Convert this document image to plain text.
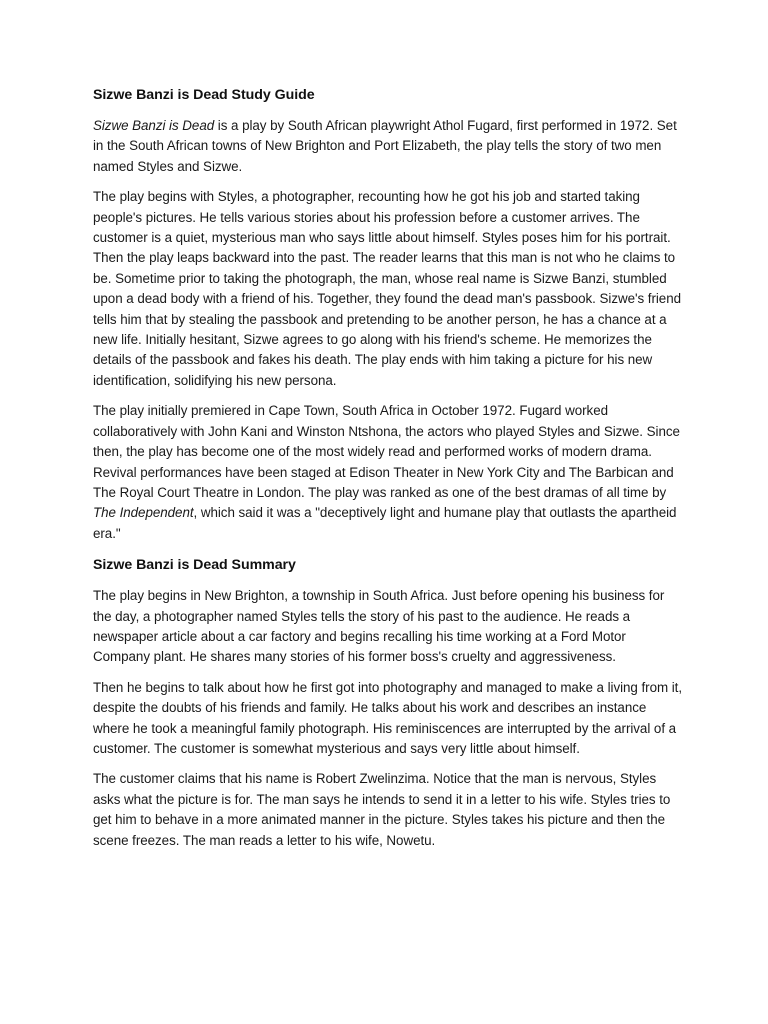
Sizwe Banzi is Dead Study Guide

Sizwe Banzi is Dead is a play by South African playwright Athol Fugard, first performed in 1972. Set in the South African towns of New Brighton and Port Elizabeth, the play tells the story of two men named Styles and Sizwe.

The play begins with Styles, a photographer, recounting how he got his job and started taking people's pictures. He tells various stories about his profession before a customer arrives. The customer is a quiet, mysterious man who says little about himself. Styles poses him for his portrait. Then the play leaps backward into the past. The reader learns that this man is not who he claims to be. Sometime prior to taking the photograph, the man, whose real name is Sizwe Banzi, stumbled upon a dead body with a friend of his. Together, they found the dead man's passbook. Sizwe's friend tells him that by stealing the passbook and pretending to be another person, he has a chance at a new life. Initially hesitant, Sizwe agrees to go along with his friend's scheme. He memorizes the details of the passbook and fakes his death. The play ends with him taking a picture for his new identification, solidifying his new persona.

The play initially premiered in Cape Town, South Africa in October 1972. Fugard worked collaboratively with John Kani and Winston Ntshona, the actors who played Styles and Sizwe. Since then, the play has become one of the most widely read and performed works of modern drama. Revival performances have been staged at Edison Theater in New York City and The Barbican and The Royal Court Theatre in London. The play was ranked as one of the best dramas of all time by The Independent, which said it was a "deceptively light and humane play that outlasts the apartheid era."

Sizwe Banzi is Dead Summary

The play begins in New Brighton, a township in South Africa. Just before opening his business for the day, a photographer named Styles tells the story of his past to the audience. He reads a newspaper article about a car factory and begins recalling his time working at a Ford Motor Company plant. He shares many stories of his former boss's cruelty and aggressiveness.

Then he begins to talk about how he first got into photography and managed to make a living from it, despite the doubts of his friends and family. He talks about his work and describes an instance where he took a meaningful family photograph. His reminiscences are interrupted by the arrival of a customer. The customer is somewhat mysterious and says very little about himself.

The customer claims that his name is Robert Zwelinzima. Notice that the man is nervous, Styles asks what the picture is for. The man says he intends to send it in a letter to his wife. Styles tries to get him to behave in a more animated manner in the picture. Styles takes his picture and then the scene freezes. The man reads a letter to his wife, Nowetu.
